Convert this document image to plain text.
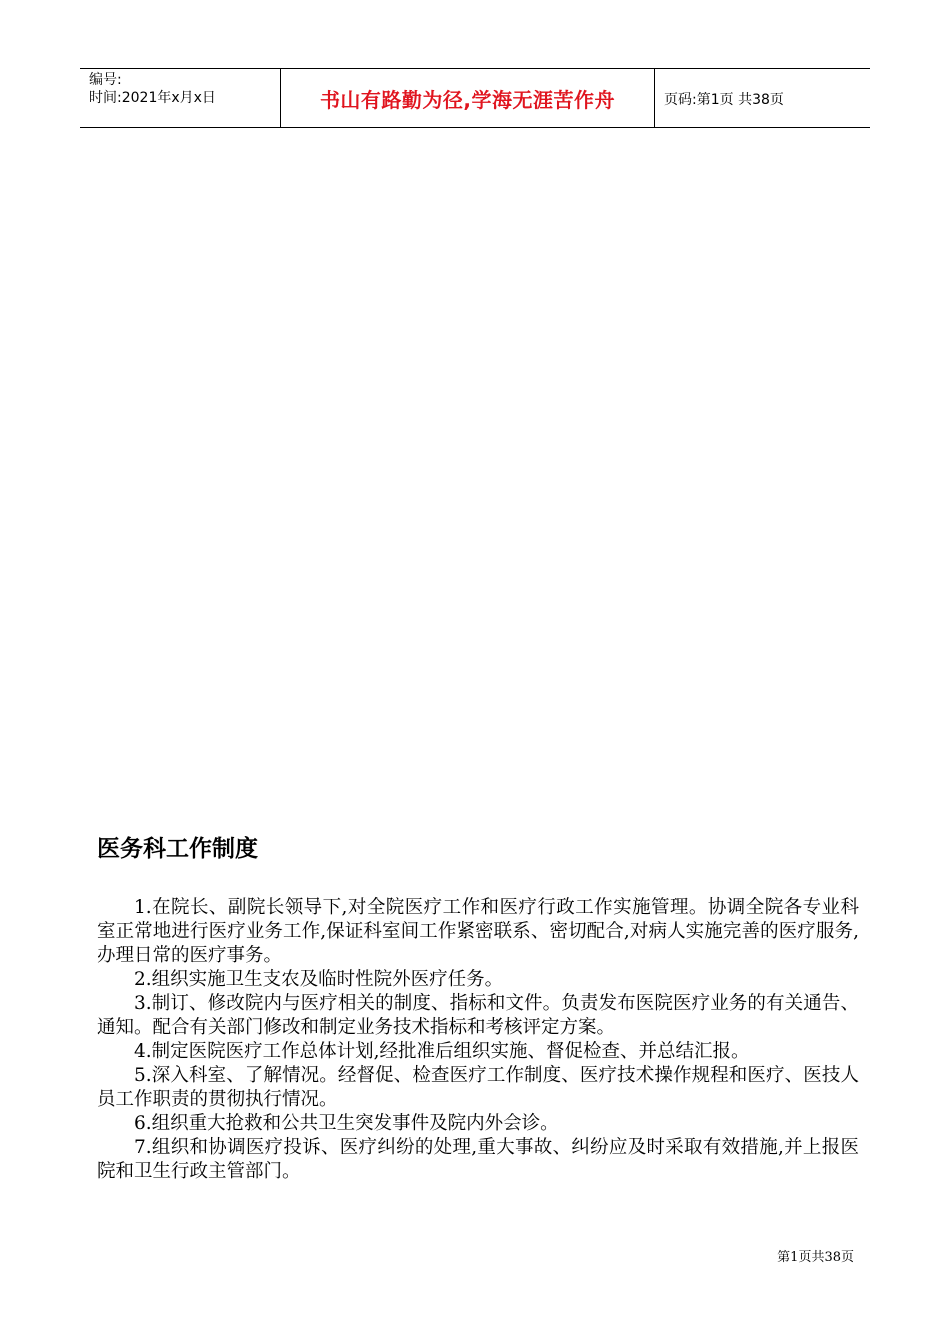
编号:
时间:2021年x月x日	书山有路勤为径,学海无涯苦作舟	页码:第1页 共38页
医务科工作制度

1.在院长、副院长领导下,对全院医疗工作和医疗行政工作实施管理。协调全院各专业科室正常地进行医疗业务工作,保证科室间工作紧密联系、密切配合,对病人实施完善的医疗服务,办理日常的医疗事务。

2.组织实施卫生支农及临时性院外医疗任务。

3.制订、修改院内与医疗相关的制度、指标和文件。负责发布医院医疗业务的有关通告、通知。配合有关部门修改和制定业务技术指标和考核评定方案。

4.制定医院医疗工作总体计划,经批准后组织实施、督促检查、并总结汇报。

5.深入科室、了解情况。经督促、检查医疗工作制度、医疗技术操作规程和医疗、医技人员工作职责的贯彻执行情况。

6.组织重大抢救和公共卫生突发事件及院内外会诊。

7.组织和协调医疗投诉、医疗纠纷的处理,重大事故、纠纷应及时采取有效措施,并上报医院和卫生行政主管部门。

第1页共38页
